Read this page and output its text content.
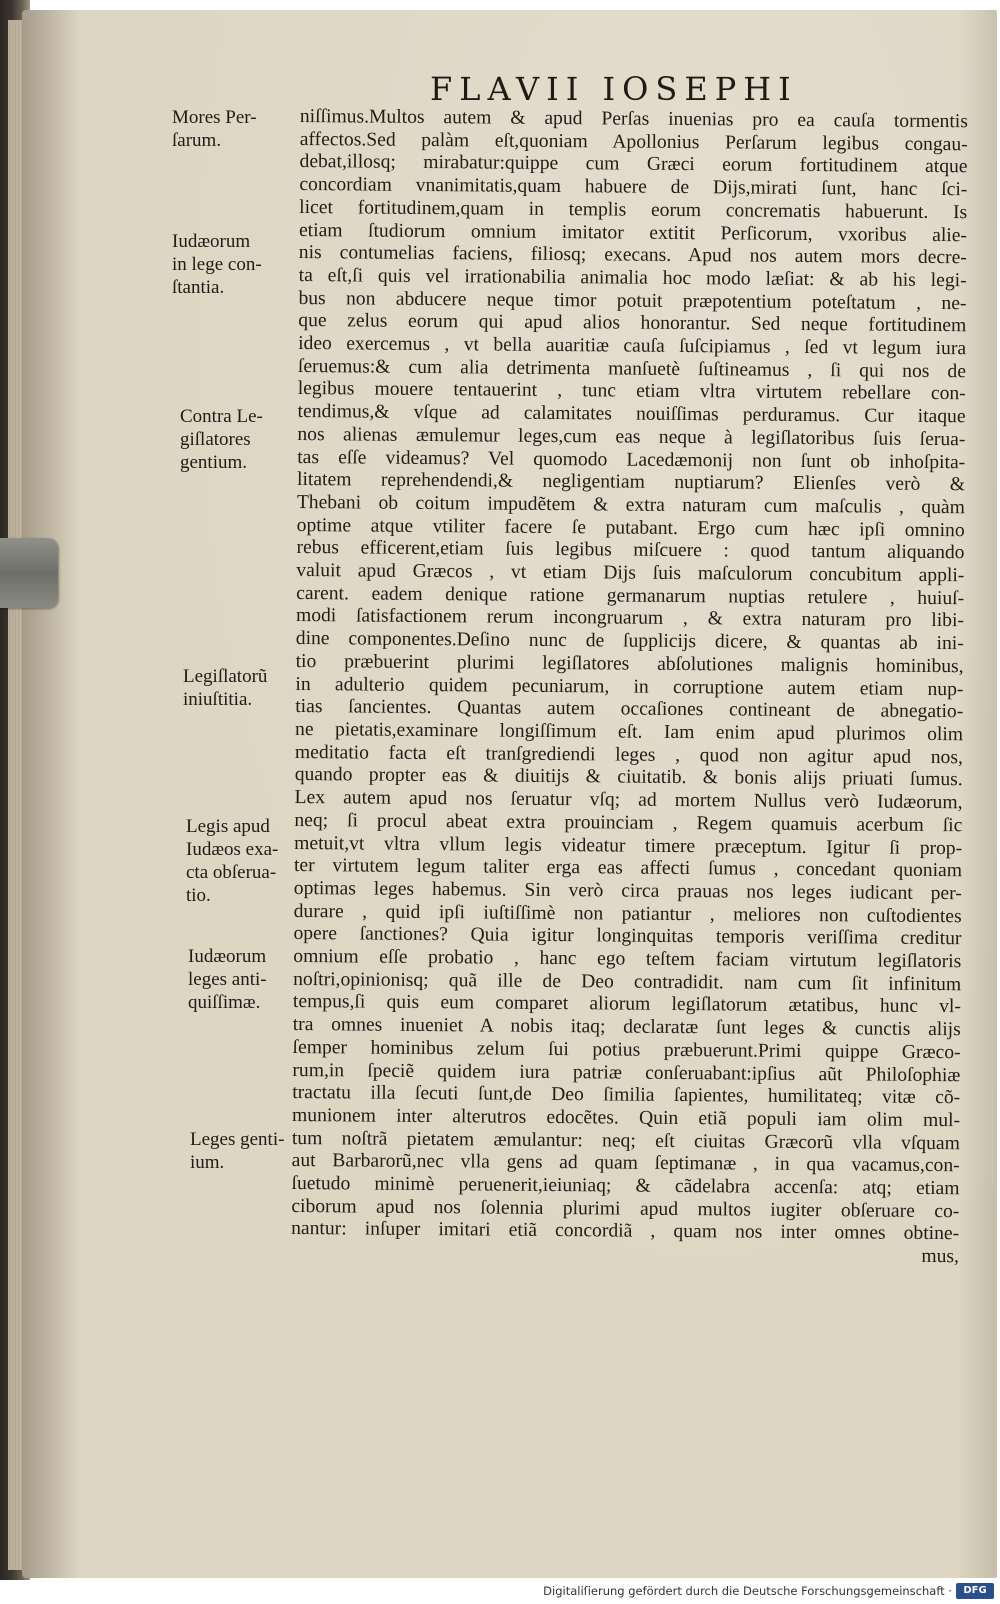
FLAVII IOSEPHI
Mores Per-
ſarum.
Iudæorum
in lege con-
ſtantia.
Contra Le-
giſlatores
gentium.
Legiſlatorũ
iniuſtitia.
Legis apud
Iudæos exa-
cta obſerua-
tio.
Iudæorum
leges anti-
quiſſimæ.
Leges genti-
ium.
niſſimus.Multos autem & apud Perſas inuenias pro ea cauſa tormentis
affectos.Sed palàm eſt,quoniam Apollonius Perſarum legibus congau-
debat,illosq; mirabatur:quippe cum Græci eorum fortitudinem atque
concordiam vnanimitatis,quam habuere de Dijs,mirati ſunt, hanc ſci-
licet fortitudinem,quam in templis eorum concrematis habuerunt. Is
etiam ſtudiorum omnium imitator extitit Perſicorum, vxoribus alie-
nis contumelias faciens, filiosq; execans. Apud nos autem mors decre-
ta eſt,ſi quis vel irrationabilia animalia hoc modo læſiat: & ab his legi-
bus non abducere neque timor potuit præpotentium poteſtatum , ne-
que zelus eorum qui apud alios honorantur. Sed neque fortitudinem
ideo exercemus , vt bella auaritiæ cauſa ſuſcipiamus , ſed vt legum iura
ſeruemus:& cum alia detrimenta manſuetè ſuſtineamus , ſi qui nos de
legibus mouere tentauerint , tunc etiam vltra virtutem rebellare con-
tendimus,& vſque ad calamitates nouiſſimas perduramus. Cur itaque
nos alienas æmulemur leges,cum eas neque à legiſlatoribus ſuis ſerua-
tas eſſe videamus? Vel quomodo Lacedæmonij non ſunt ob inhoſpita-
litatem reprehendendi,& negligentiam nuptiarum? Elienſes verò &
Thebani ob coitum impudẽtem & extra naturam cum maſculis , quàm
optime atque vtiliter facere ſe putabant. Ergo cum hæc ipſi omnino
rebus efficerent,etiam ſuis legibus miſcuere : quod tantum aliquando
valuit apud Græcos , vt etiam Dijs ſuis maſculorum concubitum appli-
carent. eadem denique ratione germanarum nuptias retulere , huiuſ-
modi ſatisfactionem rerum incongruarum , & extra naturam pro libi-
dine componentes.Deſino nunc de ſupplicijs dicere, & quantas ab ini-
tio præbuerint plurimi legiſlatores abſolutiones malignis hominibus,
in adulterio quidem pecuniarum, in corruptione autem etiam nup-
tias ſancientes. Quantas autem occaſiones contineant de abnegatio-
ne pietatis,examinare longiſſimum eſt. Iam enim apud plurimos olim
meditatio facta eſt tranſgrediendi leges , quod non agitur apud nos,
quando propter eas & diuitijs & ciuitatib. & bonis alijs priuati ſumus.
Lex autem apud nos ſeruatur vſq; ad mortem Nullus verò Iudæorum,
neq; ſi procul abeat extra prouinciam , Regem quamuis acerbum ſic
metuit,vt vltra vllum legis videatur timere præceptum. Igitur ſi prop-
ter virtutem legum taliter erga eas affecti ſumus , concedant quoniam
optimas leges habemus. Sin verò circa prauas nos leges iudicant per-
durare , quid ipſi iuſtiſſimè non patiantur , meliores non cuſtodientes
opere ſanctiones? Quia igitur longinquitas temporis veriſſima creditur
omnium eſſe probatio , hanc ego teſtem faciam virtutum legiſlatoris
noſtri,opinionisq; quã ille de Deo contradidit. nam cum ſit infinitum
tempus,ſi quis eum comparet aliorum legiſlatorum ætatibus, hunc vl-
tra omnes inueniet A nobis itaq; declaratæ ſunt leges & cunctis alijs
ſemper hominibus zelum ſui potius præbuerunt.Primi quippe Græco-
rum,in ſpeciẽ quidem iura patriæ conſeruabant:ipſius aũt Philoſophiæ
tractatu illa ſecuti ſunt,de Deo ſimilia ſapientes, humilitateq; vitæ cõ-
munionem inter alterutros edocẽtes. Quin etiã populi iam olim mul-
tum noſtrã pietatem æmulantur: neq; eſt ciuitas Græcorũ vlla vſquam
aut Barbarorũ,nec vlla gens ad quam ſeptimanæ , in qua vacamus,con-
ſuetudo minimè peruenerit,ieiuniaq; & cãdelabra accenſa: atq; etiam
ciborum apud nos ſolennia plurimi apud multos iugiter obſeruare co-
nantur: inſuper imitari etiã concordiã , quam nos inter omnes obtine-
mus,
Digitaliſierung gefördert durch die Deutsche Forschungsgemeinschaft ·	DFG
